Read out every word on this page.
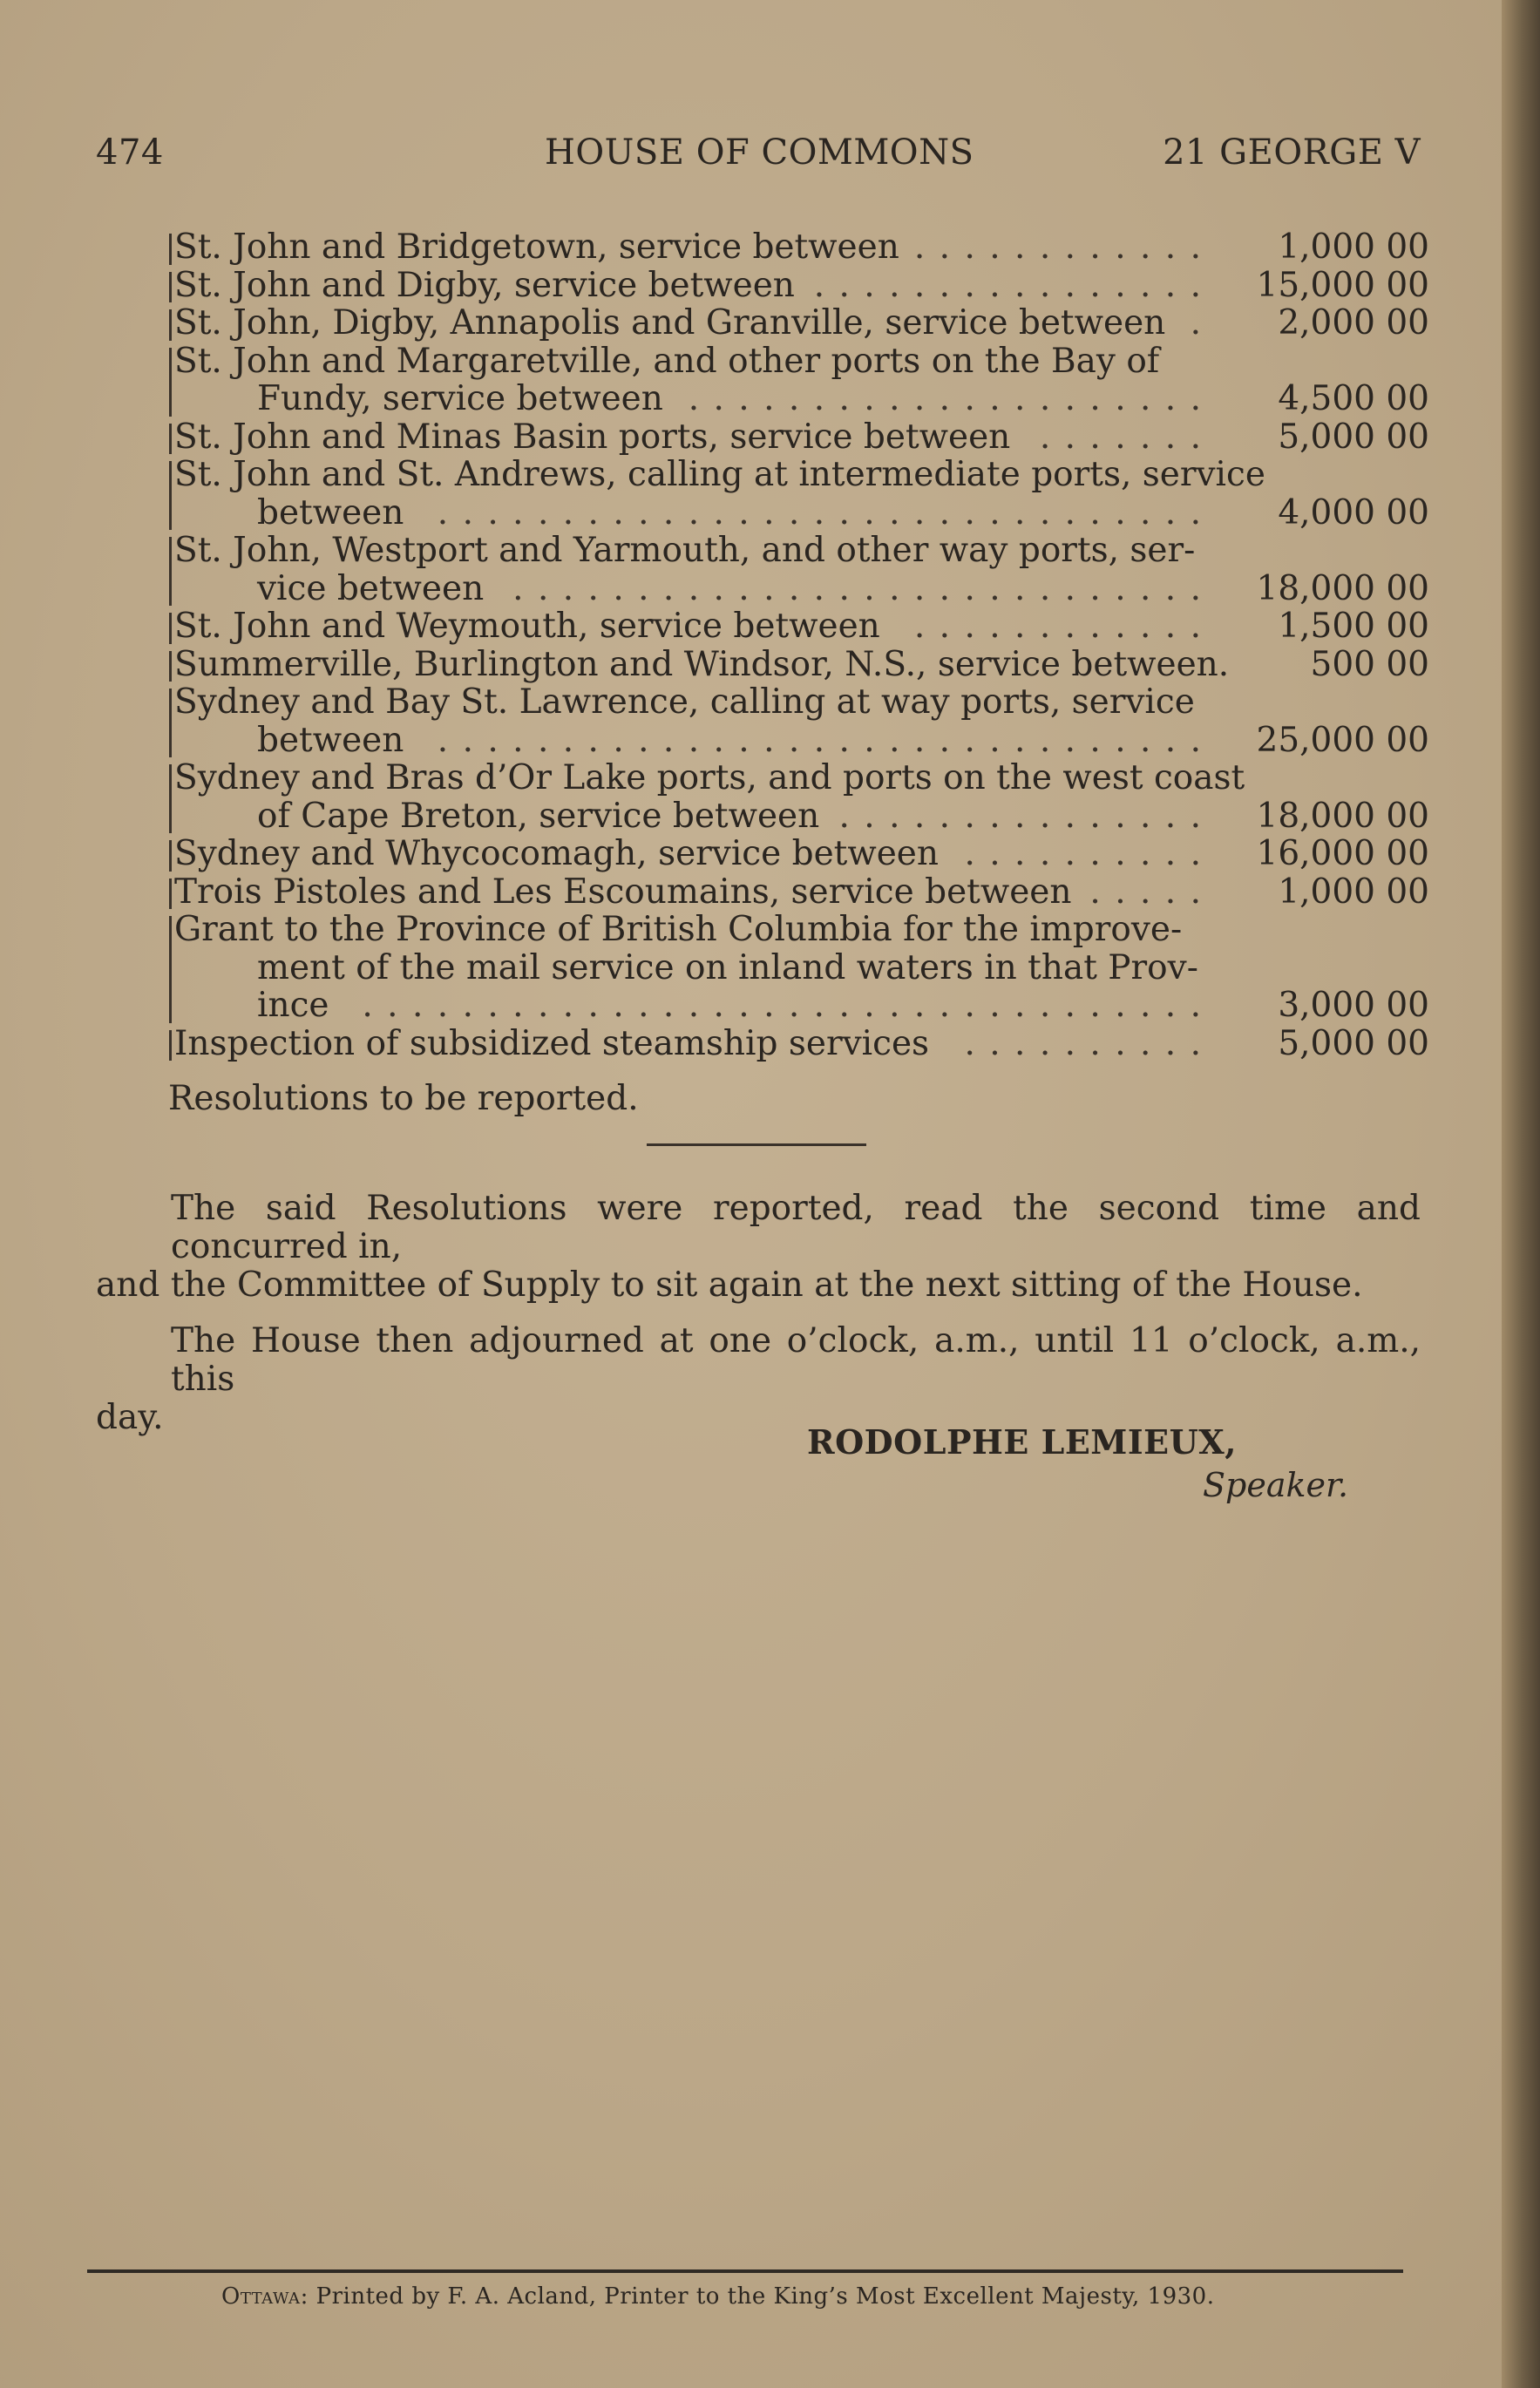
474	HOUSE OF COMMONS	21 GEORGE V
St. John and Bridgetown, service between . . . . . . . . . . . .	1,000 00
St. John and Digby, service between . . . . . . . . . . . . . . . .	15,000 00
St. John, Digby, Annapolis and Granville, service between .	2,000 00
St. John and Margaretville, and other ports on the Bay of
Fundy, service between . . . . . . . . . . . . . . . . . . . . .	4,500 00
St. John and Minas Basin ports, service between . . . . . . .	5,000 00
St. John and St. Andrews, calling at intermediate ports, service
between . . . . . . . . . . . . . . . . . . . . . . . . . . . . . . .	4,000 00
St. John, Westport and Yarmouth, and other way ports, ser-
vice between . . . . . . . . . . . . . . . . . . . . . . . . . . . .	18,000 00
St. John and Weymouth, service between . . . . . . . . . . . .	1,500 00
Summerville, Burlington and Windsor, N.S., service between.	500 00
Sydney and Bay St. Lawrence, calling at way ports, service
between . . . . . . . . . . . . . . . . . . . . . . . . . . . . . . .	25,000 00
Sydney and Bras d’Or Lake ports, and ports on the west coast
of Cape Breton, service between . . . . . . . . . . . . . . .	18,000 00
Sydney and Whycocomagh, service between . . . . . . . . . .	16,000 00
Trois Pistoles and Les Escoumains, service between . . . . .	1,000 00
Grant to the Province of British Columbia for the improve-
ment of the mail service on inland waters in that Prov-
ince . . . . . . . . . . . . . . . . . . . . . . . . . . . . . . . . . .	3,000 00
Inspection of subsidized steamship services . . . . . . . . . .	5,000 00
Resolutions to be reported.
The said Resolutions were reported, read the second time and concurred in,
and the Committee of Supply to sit again at the next sitting of the House.
The House then adjourned at one o’clock, a.m., until 11 o’clock, a.m., this
day.
RODOLPHE LEMIEUX,
Speaker.
Ottawa: Printed by F. A. Acland, Printer to the King’s Most Excellent Majesty, 1930.
